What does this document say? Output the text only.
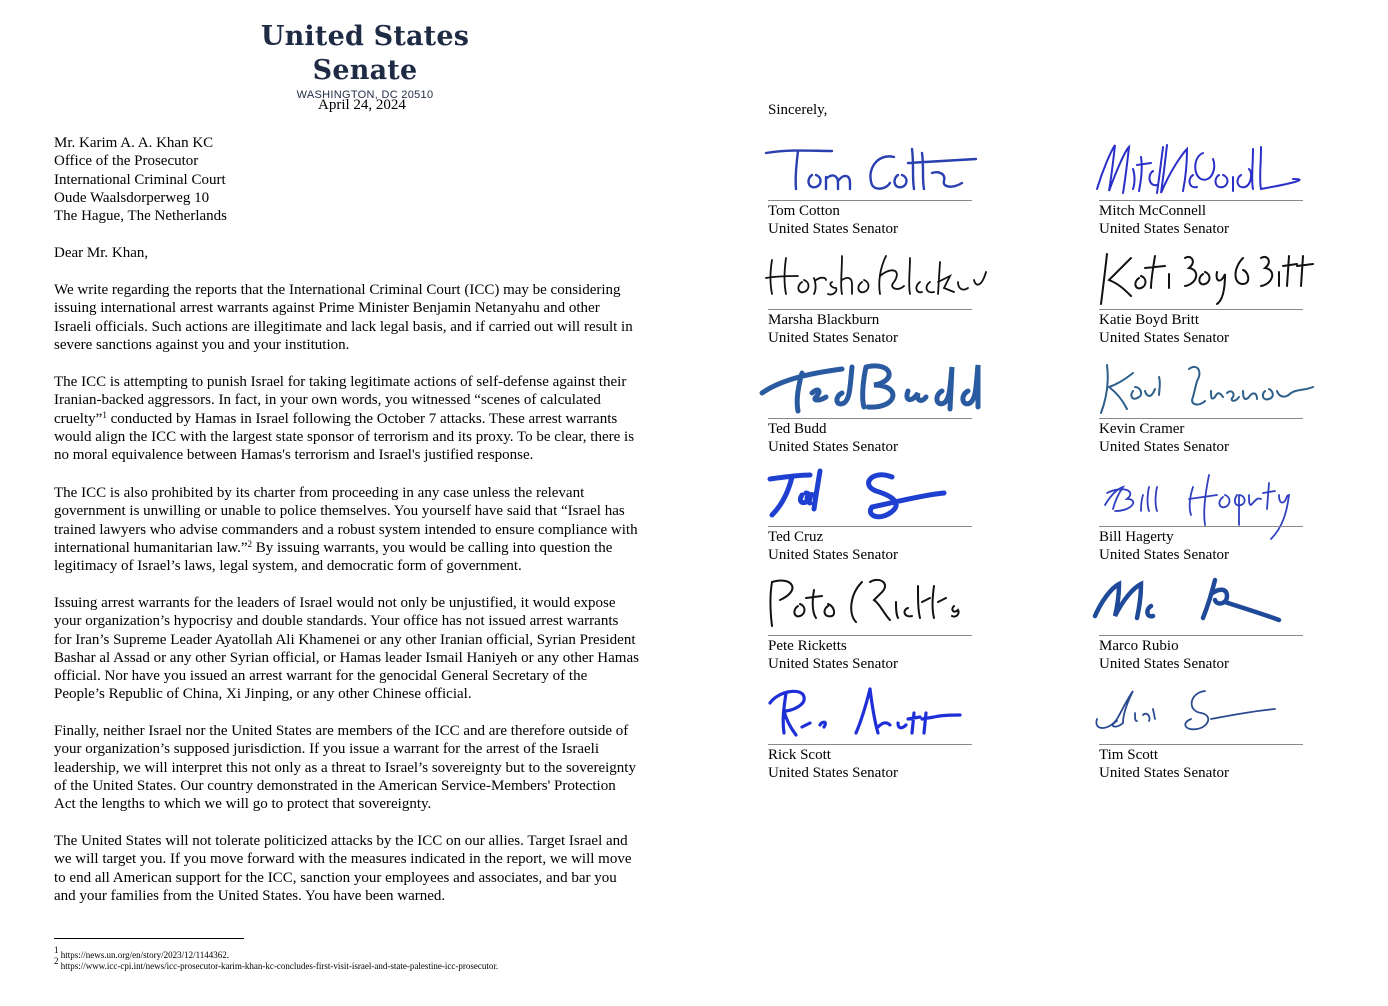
United States Senate
WASHINGTON, DC 20510
April 24, 2024
Mr. Karim A. A. Khan KC
Office of the Prosecutor
International Criminal Court
Oude Waalsdorperweg 10
The Hague, The Netherlands
Dear Mr. Khan,
We write regarding the reports that the International Criminal Court (ICC) may be considering
issuing international arrest warrants against Prime Minister Benjamin Netanyahu and other
Israeli officials. Such actions are illegitimate and lack legal basis, and if carried out will result in
severe sanctions against you and your institution.
The ICC is attempting to punish Israel for taking legitimate actions of self-defense against their
Iranian-backed aggressors. In fact, in your own words, you witnessed “scenes of calculated
cruelty”$^1$ conducted by Hamas in Israel following the October 7 attacks. These arrest warrants
would align the ICC with the largest state sponsor of terrorism and its proxy. To be clear, there is
no moral equivalence between Hamas's terrorism and Israel's justified response.
The ICC is also prohibited by its charter from proceeding in any case unless the relevant
government is unwilling or unable to police themselves. You yourself have said that “Israel has
trained lawyers who advise commanders and a robust system intended to ensure compliance with
international humanitarian law.”$^2$ By issuing warrants, you would be calling into question the
legitimacy of Israel’s laws, legal system, and democratic form of government.
Issuing arrest warrants for the leaders of Israel would not only be unjustified, it would expose
your organization’s hypocrisy and double standards. Your office has not issued arrest warrants
for Iran’s Supreme Leader Ayatollah Ali Khamenei or any other Iranian official, Syrian President
Bashar al Assad or any other Syrian official, or Hamas leader Ismail Haniyeh or any other Hamas
official. Nor have you issued an arrest warrant for the genocidal General Secretary of the
People’s Republic of China, Xi Jinping, or any other Chinese official.
Finally, neither Israel nor the United States are members of the ICC and are therefore outside of
your organization’s supposed jurisdiction. If you issue a warrant for the arrest of the Israeli
leadership, we will interpret this not only as a threat to Israel’s sovereignty but to the sovereignty
of the United States. Our country demonstrated in the American Service-Members' Protection
Act the lengths to which we will go to protect that sovereignty.
The United States will not tolerate politicized attacks by the ICC on our allies. Target Israel and
we will target you. If you move forward with the measures indicated in the report, we will move
to end all American support for the ICC, sanction your employees and associates, and bar you
and your families from the United States. You have been warned.
$^1$ https://news.un.org/en/story/2023/12/1144362.
$^2$ https://www.icc-cpi.int/news/icc-prosecutor-karim-khan-kc-concludes-first-visit-israel-and-state-palestine-icc-prosecutor.
Sincerely,
Tom Cotton
United States Senator
Mitch McConnell
United States Senator
Marsha Blackburn
United States Senator
Katie Boyd Britt
United States Senator
Ted Budd
United States Senator
Kevin Cramer
United States Senator
Ted Cruz
United States Senator
Bill Hagerty
United States Senator
Pete Ricketts
United States Senator
Marco Rubio
United States Senator
Rick Scott
United States Senator
Tim Scott
United States Senator
